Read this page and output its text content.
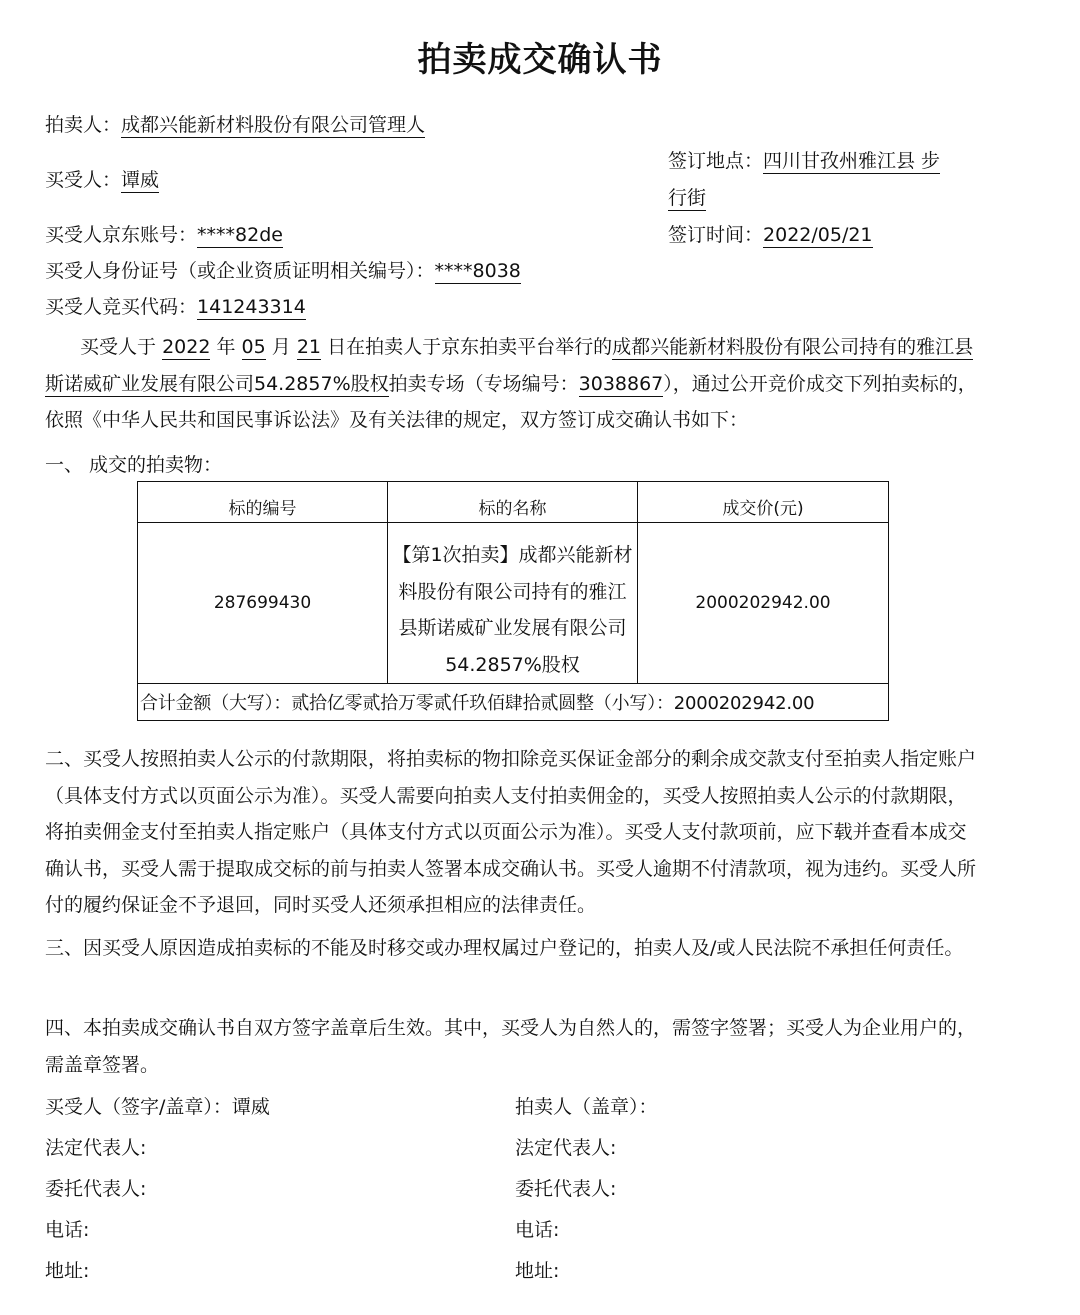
拍卖成交确认书
拍卖人：成都兴能新材料股份有限公司管理人
买受人：谭威
签订地点：四川甘孜州雅江县 步
行街
买受人京东账号：****82de	签订时间：2022/05/21
买受人身份证号（或企业资质证明相关编号）：****8038
买受人竞买代码：141243314
买受人于 2022 年 05 月 21 日在拍卖人于京东拍卖平台举行的成都兴能新材料股份有限公司持有的雅江县斯诺威矿业发展有限公司54.2857%股权拍卖专场（专场编号：3038867），通过公开竞价成交下列拍卖标的，依照《中华人民共和国民事诉讼法》及有关法律的规定，双方签订成交确认书如下：
一、 成交的拍卖物：
标的编号	标的名称	成交价(元)
287699430	【第1次拍卖】成都兴能新材料股份有限公司持有的雅江县斯诺威矿业发展有限公司54.2857%股权	2000202942.00
合计金额（大写）：贰拾亿零贰拾万零贰仟玖佰肆拾贰圆整（小写）：2000202942.00		
二、买受人按照拍卖人公示的付款期限，将拍卖标的物扣除竞买保证金部分的剩余成交款支付至拍卖人指定账户（具体支付方式以页面公示为准）。买受人需要向拍卖人支付拍卖佣金的，买受人按照拍卖人公示的付款期限，将拍卖佣金支付至拍卖人指定账户（具体支付方式以页面公示为准）。买受人支付款项前，应下载并查看本成交确认书，买受人需于提取成交标的前与拍卖人签署本成交确认书。买受人逾期不付清款项，视为违约。买受人所付的履约保证金不予退回，同时买受人还须承担相应的法律责任。
三、因买受人原因造成拍卖标的不能及时移交或办理权属过户登记的，拍卖人及/或人民法院不承担任何责任。
四、本拍卖成交确认书自双方签字盖章后生效。其中，买受人为自然人的，需签字签署；买受人为企业用户的，需盖章签署。
买受人（签字/盖章）：谭威	拍卖人（盖章）：
法定代表人:	法定代表人:
委托代表人:	委托代表人:
电话:	电话:
地址:	地址:
